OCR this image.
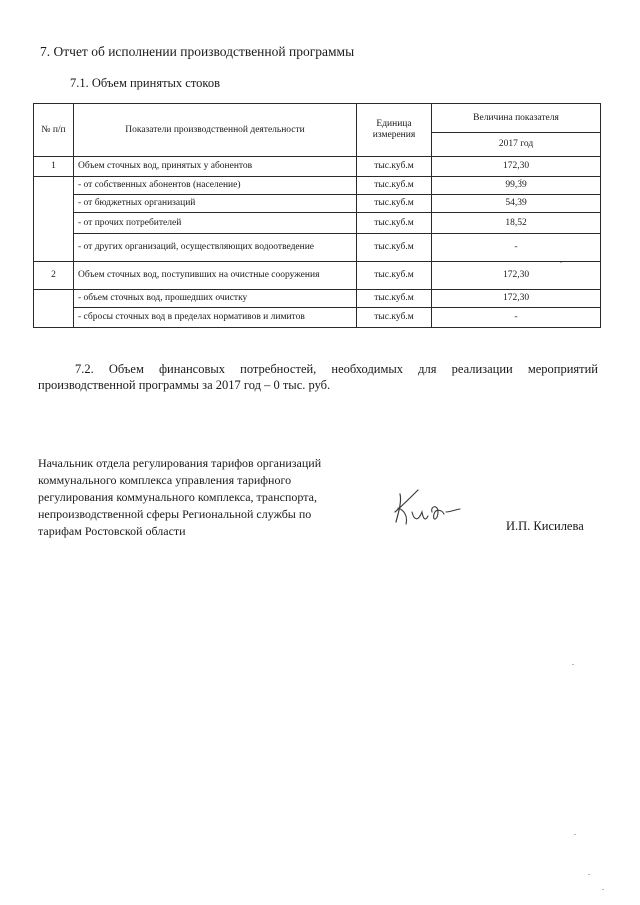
7. Отчет об исполнении производственной программы
7.1. Объем принятых стоков
№ п/п	Показатели производственной деятельности	Единица измерения	Величина показателя
			2017 год
1	Объем сточных вод, принятых у абонентов	тыс.куб.м	172,30
	- от собственных абонентов (население)	тыс.куб.м	99,39
	- от бюджетных организаций	тыс.куб.м	54,39
	- от прочих потребителей	тыс.куб.м	18,52
	- от других организаций, осуществляющих водоотведение	тыс.куб.м	-
2	Объем сточных вод, поступивших на очистные сооружения	тыс.куб.м	172,30
	- объем сточных вод, прошедших очистку	тыс.куб.м	172,30
	- сбросы сточных вод в пределах нормативов и лимитов	тыс.куб.м	-
7.2. Объем финансовых потребностей, необходимых для реализации мероприятий
производственной программы за 2017 год – 0 тыс. руб.
Начальник отдела регулирования тарифов организаций
коммунального комплекса управления тарифного
регулирования коммунального комплекса, транспорта,
непроизводственной сферы Региональной службы по
тарифам Ростовской области	И.П. Кисилева
